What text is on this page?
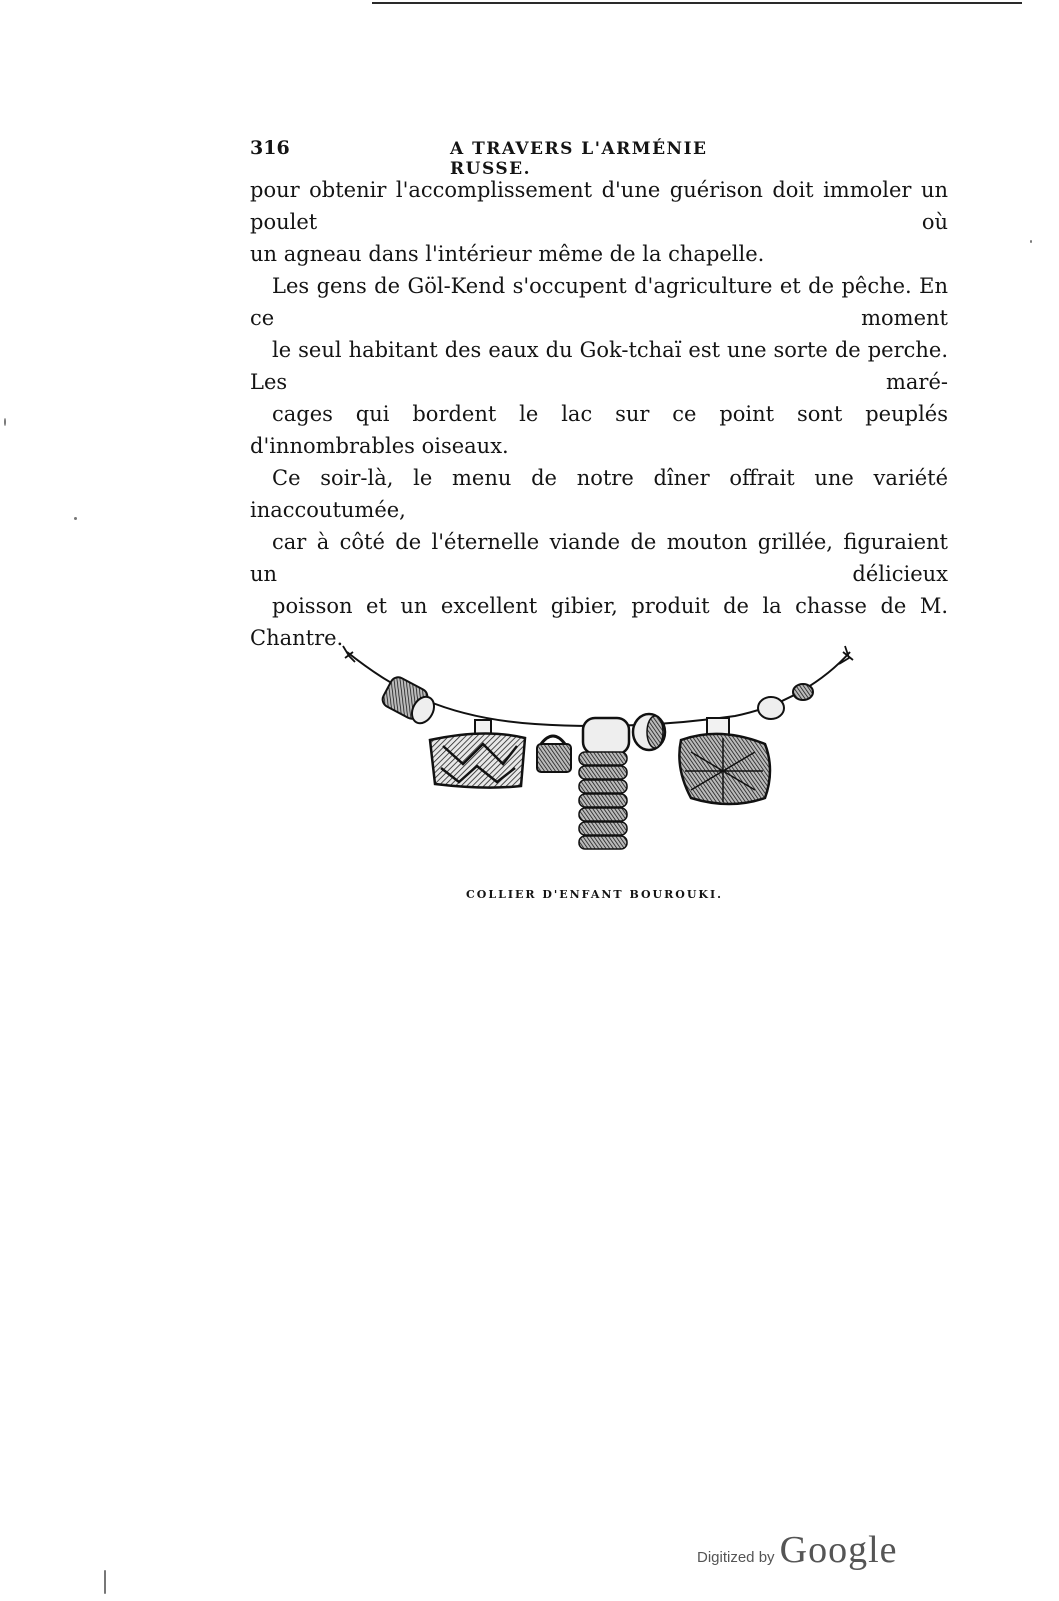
316	A TRAVERS L'ARMÉNIE RUSSE.

pour obtenir l'accomplissement d'une guérison doit immoler un poulet où
un agneau dans l'intérieur même de la chapelle.

Les gens de Göl-Kend s'occupent d'agriculture et de pêche. En ce moment
le seul habitant des eaux du Gok-tchaï est une sorte de perche. Les maré-
cages qui bordent le lac sur ce point sont peuplés d'innombrables oiseaux.

Ce soir-là, le menu de notre dîner offrait une variété inaccoutumée,
car à côté de l'éternelle viande de mouton grillée, figuraient un délicieux
poisson et un excellent gibier, produit de la chasse de M. Chantre.

COLLIER D'ENFANT BOUROUKI.
Digitized by Google
